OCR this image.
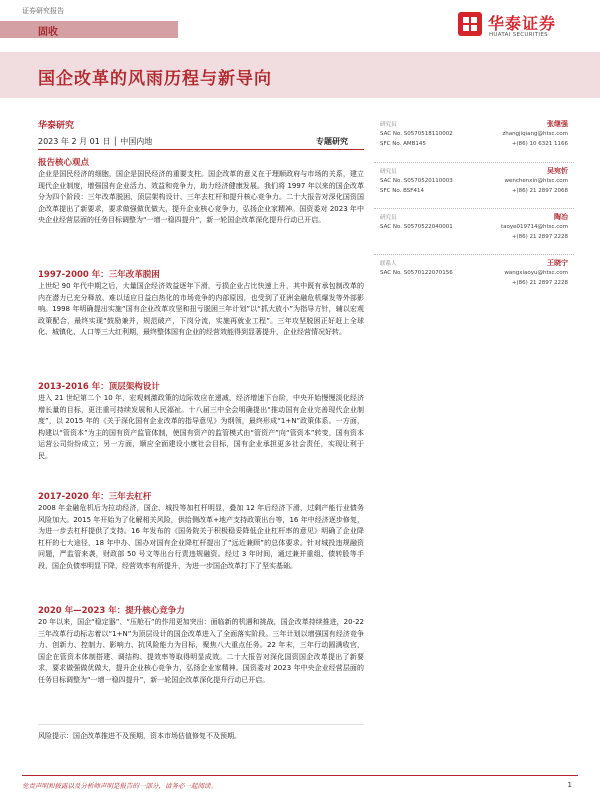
证券研究报告
华泰证券
HUATAI SECURITIES
固收
国企改革的风雨历程与新导向
华泰研究
2023 年 2 月 01 日 │ 中国内地	专题研究
报告核心观点
企业是国民经济的细胞，国企是国民经济的重要支柱。国企改革的意义在于理顺政府与市场的关系，建立现代企业制度，增强国有企业活力、效益和竞争力，助力经济健康发展。我们将 1997 年以来的国企改革分为四个阶段：三年改革脱困、顶层架构设计、三年去杠杆和提升核心竞争力。二十大报告对深化国资国企改革提出了新要求，要求做强做优做大，提升企业核心竞争力，弘扬企业家精神。国资委对 2023 年中央企业经营层面的任务目标调整为“一增一稳四提升”，新一轮国企改革深化提升行动已开启。
1997-2000 年：三年改革脱困
上世纪 90 年代中期之后，大量国企经济效益逐年下滑，亏损企业占比快速上升，其中既有承包制改革的内在潜力已充分释放、难以适应日益白热化的市场竞争的内部原因，也受到了亚洲金融危机爆发等外部影响。1998 年明确提出实施“国有企业改革攻坚和扭亏脱困三年计划”以“抓大放小”为指导方针，辅以宏观政策配合，最终实现“鼓励兼并，规范破产，下岗分流，实施再就业工程”。三年攻坚脱困正好赶上全球化、城镇化、人口等三大红利期，最终整体国有企业的经营效能得到显著提升，企业经营情况好转。
2013-2016 年：顶层架构设计
进入 21 世纪第二个 10 年，宏观刺激政策的边际效应在递减，经济增速下台阶，中央开始慢慢淡化经济增长量的目标，更注重可持续发展和人民福祉。十八届三中全会明确提出“推动国有企业完善现代企业制度”，以 2015 年的《关于深化国有企业改革的指导意见》为纲领，最终形成“1+N”政策体系。一方面，构建以“管资本”为主的国有资产监管体制，使国有资产的监管模式由“管资产”向“管资本”转变，国有资本运营公司纷纷成立；另一方面，顺应全面建设小康社会目标，国有企业承担更多社会责任，实现让利于民。
2017-2020 年：三年去杠杆
2008 年金融危机后为拉动经济，国企、城投等加杠杆明显，叠加 12 年后经济下滑，过剩产能行业债务风险加大。2015 年开始为了化解相关风险，供给侧改革+地产支持政策出台等，16 年中经济逐步修复，为进一步去杠杆提供了支持。16 年发布的《国务院关于积极稳妥降低企业杠杆率的意见》明确了企业降杠杆的七大途径，18 年中办、国办对国有企业降杠杆提出了“远近兼顾”的总体要求。针对城投违规融资问题，严监管来袭，财政部 50 号文等出台行责违规融资。经过 3 年时间，通过兼并重组、债转股等手段，国企负债率明显下降，经营效率有所提升，为进一步国企改革打下了坚实基础。
2020 年—2023 年：提升核心竞争力
20 年以来，国企“稳定器”、“压舱石”的作用更加突出：面临新的机遇和挑战，国企改革持续推进，20-22 三年改革行动标志着以“1+N”为顶层设计的国企改革进入了全面落实阶段。三年计划以增强国有经济竞争力、创新力、控制力、影响力、抗风险能力为目标，聚焦八大重点任务。22 年末，三年行动圆满收官，国企在管资本体制搭建、调结构、提效率等取得明显成效。二十大报告对深化国资国企改革提出了新要求，要求做强做优做大，提升企业核心竞争力，弘扬企业家精神。国资委对 2023 年中央企业经营层面的任务目标调整为“一增一稳四提升”，新一轮国企改革深化提升行动已开启。
研究员	张继强
SAC No. S0570518110002	zhangjiqiang@htsc.com
SFC No. AMB145	+(86) 10 6321 1166
研究员	吴宛忻
SAC No. S0570520110003	wenchenxin@htsc.com
SFC No. BSF414	+(86) 21 2897 2068
研究员	陶冶
SAC No. S0570522040001	taoye019714@htsc.com
+(86) 21 2897 2228
联系人	王晓宁
SAC No. S0570122070156	wangxiaoyu@htsc.com
+(86) 21 2897 2228
风险提示：国企改革推进不及预期，资本市场估值修复不及预期。
免责声明和披露以及分析师声明是报告的一部分，请务必一起阅读。	1
